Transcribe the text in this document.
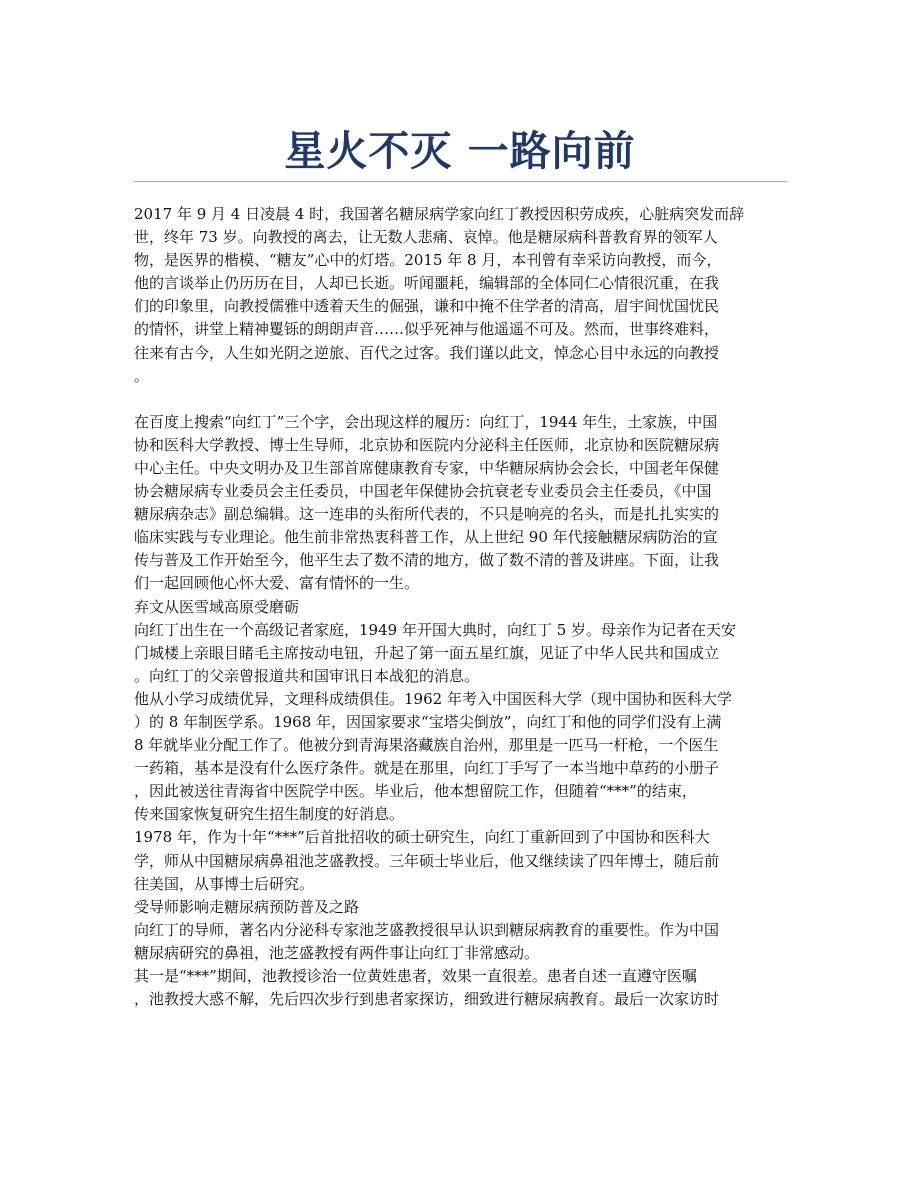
星火不灭 一路向前

2017 年 9 月 4 日凌晨 4 时，我国著名糖尿病学家向红丁教授因积劳成疾，心脏病突发而辞
世，终年 73 岁。向教授的离去，让无数人悲痛、哀悼。他是糖尿病科普教育界的领军人
物，是医界的楷模、“糖友”心中的灯塔。2015 年 8 月，本刊曾有幸采访向教授，而今，
他的言谈举止仍历历在目，人却已长逝。听闻噩耗，编辑部的全体同仁心情很沉重，在我
们的印象里，向教授儒雅中透着天生的倔强，谦和中掩不住学者的清高，眉宇间忧国忧民
的情怀，讲堂上精神矍铄的朗朗声音……似乎死神与他遥遥不可及。然而，世事终难料，
往来有古今，人生如光阴之逆旅、百代之过客。我们谨以此文，悼念心目中永远的向教授
。

在百度上搜索“向红丁”三个字，会出现这样的履历：向红丁，1944 年生，土家族，中国
协和医科大学教授、博士生导师，北京协和医院内分泌科主任医师，北京协和医院糖尿病
中心主任。中央文明办及卫生部首席健康教育专家，中华糖尿病协会会长，中国老年保健
协会糖尿病专业委员会主任委员，中国老年保健协会抗衰老专业委员会主任委员，《中国
糖尿病杂志》副总编辑。这一连串的头衔所代表的，不只是响亮的名头，而是扎扎实实的
临床实践与专业理论。他生前非常热衷科普工作，从上世纪 90 年代接触糖尿病防治的宣
传与普及工作开始至今，他平生去了数不清的地方，做了数不清的普及讲座。下面，让我
们一起回顾他心怀大爱、富有情怀的一生。

弃文从医雪域高原受磨砺

向红丁出生在一个高级记者家庭，1949 年开国大典时，向红丁 5 岁。母亲作为记者在天安
门城楼上亲眼目睹毛主席按动电钮，升起了第一面五星红旗，见证了中华人民共和国成立
。向红丁的父亲曾报道共和国审讯日本战犯的消息。

他从小学习成绩优异，文理科成绩俱佳。1962 年考入中国医科大学（现中国协和医科大学
）的 8 年制医学系。1968 年，因国家要求“宝塔尖倒放”，向红丁和他的同学们没有上满
8 年就毕业分配工作了。他被分到青海果洛藏族自治州，那里是一匹马一杆枪，一个医生
一药箱，基本是没有什么医疗条件。就是在那里，向红丁手写了一本当地中草药的小册子
，因此被送往青海省中医院学中医。毕业后，他本想留院工作，但随着“***”的结束，
传来国家恢复研究生招生制度的好消息。

1978 年，作为十年“***”后首批招收的硕士研究生，向红丁重新回到了中国协和医科大
学，师从中国糖尿病鼻祖池芝盛教授。三年硕士毕业后，他又继续读了四年博士，随后前
往美国，从事博士后研究。

受导师影响走糖尿病预防普及之路

向红丁的导师，著名内分泌科专家池芝盛教授很早认识到糖尿病教育的重要性。作为中国
糖尿病研究的鼻祖，池芝盛教授有两件事让向红丁非常感动。

其一是“***”期间，池教授诊治一位黄姓患者，效果一直很差。患者自述一直遵守医嘱
，池教授大惑不解，先后四次步行到患者家探访，细致进行糖尿病教育。最后一次家访时
